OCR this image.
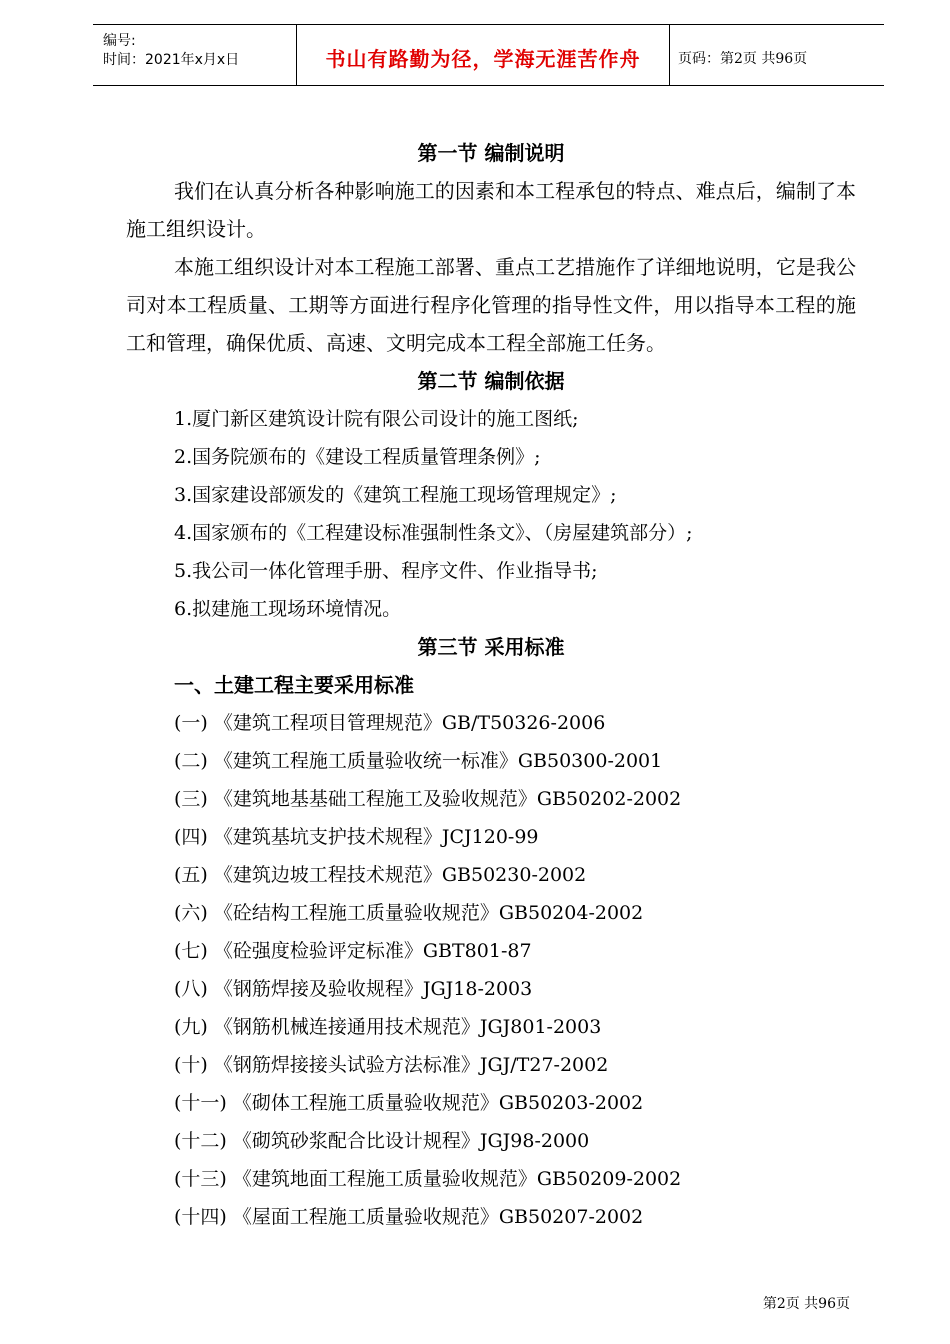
编号:
时间：2021年x月x日	书山有路勤为径，学海无涯苦作舟	页码：第2页 共96页
第一节 编制说明

我们在认真分析各种影响施工的因素和本工程承包的特点、难点后，编制了本施工组织设计。

本施工组织设计对本工程施工部署、重点工艺措施作了详细地说明，它是我公司对本工程质量、工期等方面进行程序化管理的指导性文件，用以指导本工程的施工和管理，确保优质、高速、文明完成本工程全部施工任务。

第二节 编制依据
1.厦门新区建筑设计院有限公司设计的施工图纸;
2.国务院颁布的《建设工程质量管理条例》;
3.国家建设部颁发的《建筑工程施工现场管理规定》;
4.国家颁布的《工程建设标准强制性条文》、（房屋建筑部分）;
5.我公司一体化管理手册、程序文件、作业指导书;
6.拟建施工现场环境情况。
第三节 采用标准
一、土建工程主要采用标准
(一) 《建筑工程项目管理规范》GB/T50326-2006
(二) 《建筑工程施工质量验收统一标准》GB50300-2001
(三) 《建筑地基基础工程施工及验收规范》GB50202-2002
(四) 《建筑基坑支护技术规程》JCJ120-99
(五) 《建筑边坡工程技术规范》GB50230-2002
(六) 《砼结构工程施工质量验收规范》GB50204-2002
(七) 《砼强度检验评定标准》GBT801-87
(八) 《钢筋焊接及验收规程》JGJ18-2003
(九) 《钢筋机械连接通用技术规范》JGJ801-2003
(十) 《钢筋焊接接头试验方法标准》JGJ/T27-2002
(十一) 《砌体工程施工质量验收规范》GB50203-2002
(十二) 《砌筑砂浆配合比设计规程》JGJ98-2000
(十三) 《建筑地面工程施工质量验收规范》GB50209-2002
(十四) 《屋面工程施工质量验收规范》GB50207-2002
第2页 共96页
